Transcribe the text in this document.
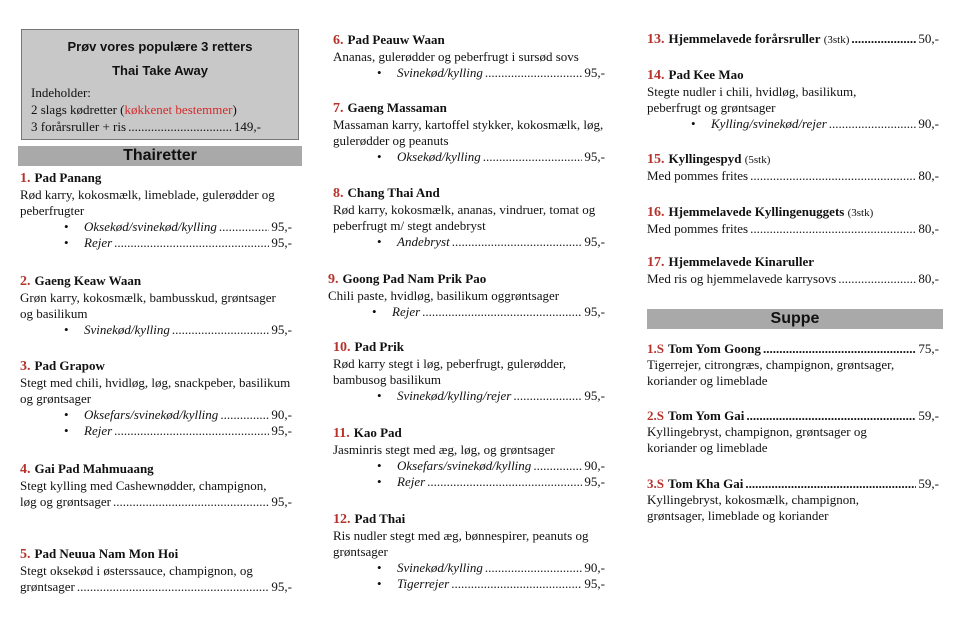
Prøv vores populære 3 retters
Thai Take Away
Indeholder:
2 slags kødretter (køkkenet bestemmer)
3 forårsruller + ris .....	149,-
Thairetter
Suppe
1. Pad Panang
Rød karry, kokosmælk, limeblade, gulerødder og peberfrugter
• Oksekød/svinekød/kylling .....	95,-
• Rejer .....	95,-
2. Gaeng Keaw Waan
Grøn karry, kokosmælk, bambusskud, grøntsager og basilikum
• Svinekød/kylling .....	95,-
3. Pad Grapow
Stegt med chili, hvidløg, løg, snackpeber, basilikum og grøntsager
• Oksefars/svinekød/kylling .....	90,-
• Rejer .....	95,-
4. Gai Pad Mahmuaang
Stegt kylling med Cashewnødder, champignon,
løg og grøntsager .....	95,-
5. Pad Neuua Nam Mon Hoi
Stegt oksekød i østerssauce, champignon, og
grøntsager .....	95,-
6. Pad Peauw Waan
Ananas, gulerødder og peberfrugt i sursød sovs
• Svinekød/kylling .....	95,-
7. Gaeng Massaman
Massaman karry, kartoffel stykker, kokosmælk, løg, gulerødder og peanuts
• Oksekød/kylling .....	95,-
8. Chang Thai And
Rød karry, kokosmælk, ananas, vindruer, tomat og peberfrugt m/ stegt andebryst
• Andebryst .....	95,-
9. Goong Pad Nam Prik Pao
Chili paste, hvidløg, basilikum oggrøntsager
• Rejer .....	95,-
10. Pad Prik
Rød karry stegt i løg, peberfrugt, gulerødder, bambusog basilikum
• Svinekød/kylling/rejer .....	95,-
11. Kao Pad
Jasminris stegt med æg, løg, og grøntsager
• Oksefars/svinekød/kylling .....	90,-
• Rejer .....	95,-
12. Pad Thai
Ris nudler stegt med æg, bønnespirer, peanuts og grøntsager
• Svinekød/kylling .....	90,-
• Tigerrejer .....	95,-
13. Hjemmelavede forårsruller
(3stk) .....	50,-
14. Pad Kee Mao
Stegte nudler i chili, hvidløg, basilikum, peberfrugt og grøntsager
• Kylling/svinekød/rejer .....	90,-
15. Kyllingespyd (5stk)
Med pommes frites .....	80,-
16. Hjemmelavede Kyllingenuggets (3stk)
Med pommes frites .....	80,-
17. Hjemmelavede Kinaruller
Med ris og hjemmelavede karrysovs .....	80,-
1.S Tom Yom Goong .....	75,-
Tigerrejer, citrongræs, champignon, grøntsager, koriander og limeblade
2.S Tom Yom Gai .....	59,-
Kyllingebryst, champignon, grøntsager og koriander og limeblade
3.S Tom Kha Gai .....	59,-
Kyllingebryst, kokosmælk, champignon, grøntsager, limeblade og koriander
